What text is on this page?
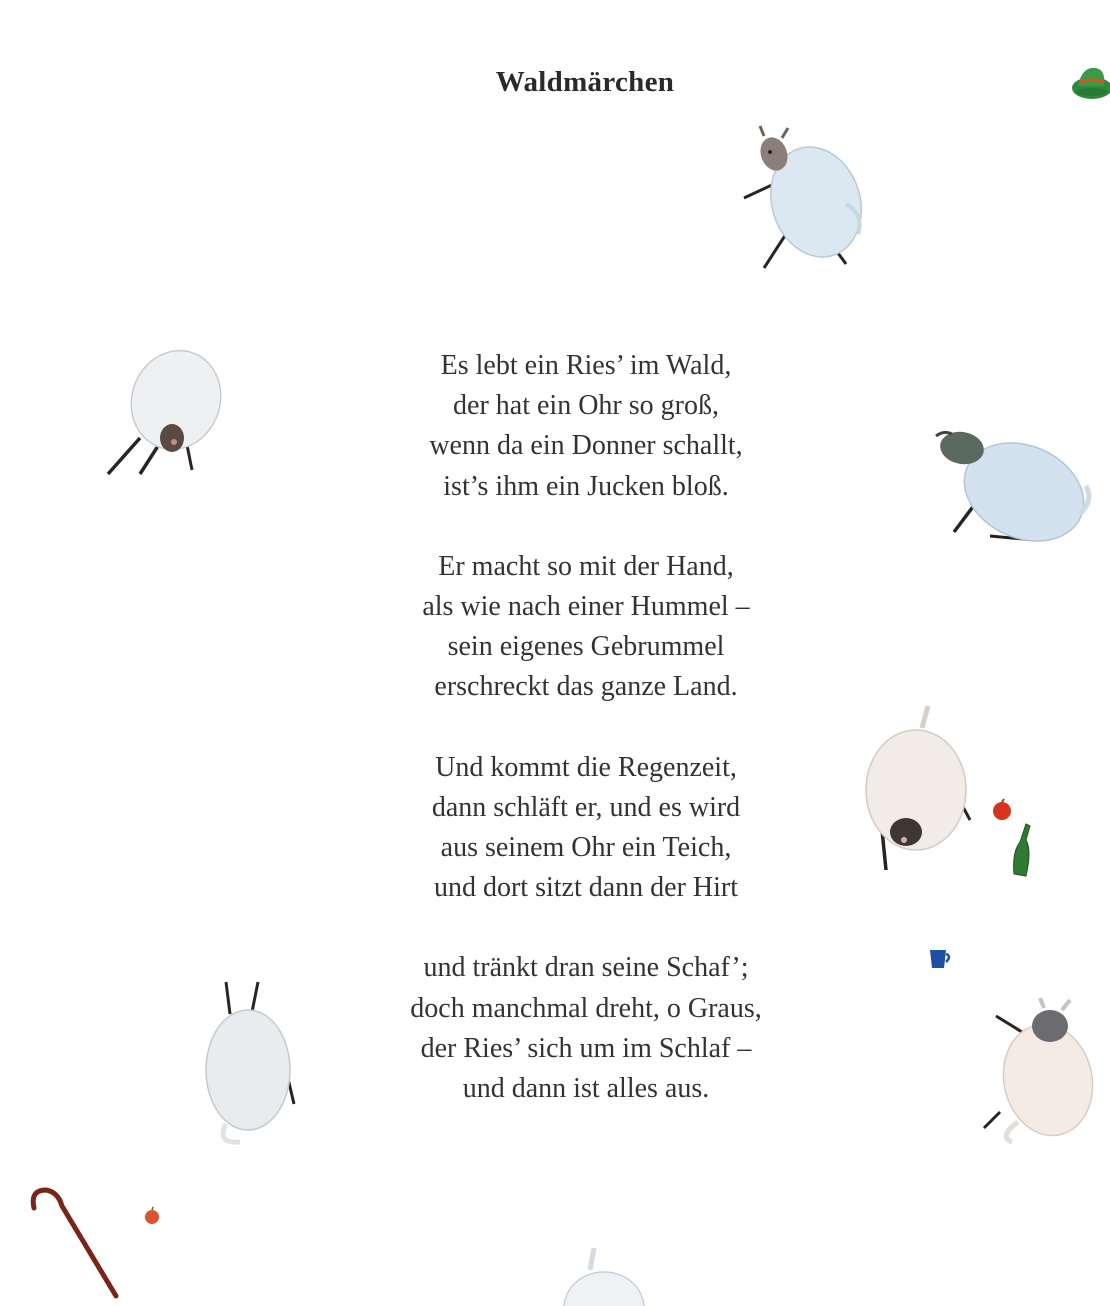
Waldmärchen
Es lebt ein Ries’ im Wald,
der hat ein Ohr so groß,
wenn da ein Donner schallt,
ist’s ihm ein Jucken bloß.
Er macht so mit der Hand,
als wie nach einer Hummel –
sein eigenes Gebrummel
erschreckt das ganze Land.
Und kommt die Regenzeit,
dann schläft er, und es wird
aus seinem Ohr ein Teich,
und dort sitzt dann der Hirt
und tränkt dran seine Schaf’;
doch manchmal dreht, o Graus,
der Ries’ sich um im Schlaf –
und dann ist alles aus.
